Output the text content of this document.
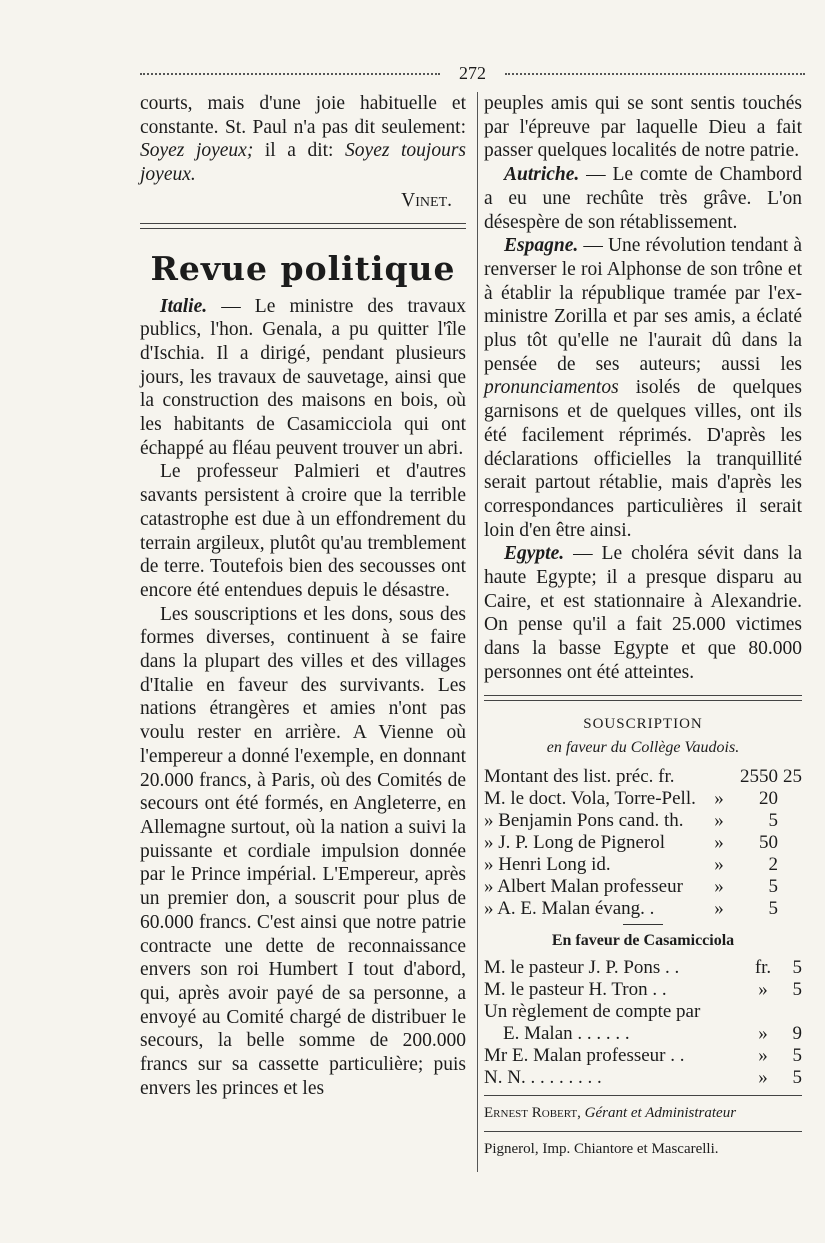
272

courts, mais d'une joie habituelle et constante. St. Paul n'a pas dit seulement: Soyez joyeux; il a dit: Soyez toujours joyeux.

Vinet.

Revue politique

Italie. — Le ministre des travaux publics, l'hon. Genala, a pu quitter l'île d'Ischia. Il a dirigé, pendant plusieurs jours, les travaux de sauvetage, ainsi que la construction des maisons en bois, où les habitants de Casamicciola qui ont échappé au fléau peuvent trouver un abri.

Le professeur Palmieri et d'autres savants persistent à croire que la terrible catastrophe est due à un effondrement du terrain argileux, plutôt qu'au tremblement de terre. Toutefois bien des secousses ont encore été entendues depuis le désastre.

Les souscriptions et les dons, sous des formes diverses, continuent à se faire dans la plupart des villes et des villages d'Italie en faveur des survivants. Les nations étrangères et amies n'ont pas voulu rester en arrière. A Vienne où l'empereur a donné l'exemple, en donnant 20.000 francs, à Paris, où des Comités de secours ont été formés, en Angleterre, en Allemagne surtout, où la nation a suivi la puissante et cordiale impulsion donnée par le Prince impérial. L'Empereur, après un premier don, a souscrit pour plus de 60.000 francs. C'est ainsi que notre patrie contracte une dette de reconnaissance envers son roi Humbert I tout d'abord, qui, après avoir payé de sa personne, a envoyé au Comité chargé de distribuer le secours, la belle somme de 200.000 francs sur sa cassette particulière; puis envers les princes et les

peuples amis qui se sont sentis touchés par l'épreuve par laquelle Dieu a fait passer quelques localités de notre patrie.

Autriche. — Le comte de Chambord a eu une rechûte très grâve. L'on désespère de son rétablissement.

Espagne. — Une révolution tendant à renverser le roi Alphonse de son trône et à établir la république tramée par l'ex-ministre Zorilla et par ses amis, a éclaté plus tôt qu'elle ne l'aurait dû dans la pensée de ses auteurs; aussi les pronunciamentos isolés de quelques garnisons et de quelques villes, ont ils été facilement réprimés. D'après les déclarations officielles la tranquillité serait partout rétablie, mais d'après les correspondances particulières il serait loin d'en être ainsi.

Egypte. — Le choléra sévit dans la haute Egypte; il a presque disparu au Caire, et est stationnaire à Alexandrie. On pense qu'il a fait 25.000 victimes dans la basse Egypte et que 80.000 personnes ont été atteintes.

SOUSCRIPTION
en faveur du Collège Vaudois.
Montant des list. préc. fr.	2550 25
M. le doct. Vola, Torre-Pell. »	20
» Benjamin Pons cand. th.	»	5
» J. P. Long de Pignerol	»	50
» Henri Long id.	»	2
» Albert Malan professeur	»	5
» A. E. Malan évang. .	»	5
En faveur de Casamicciola
M. le pasteur J. P. Pons . .	fr.	5
M. le pasteur H. Tron . .	»	5
Un règlement de compte par
E. Malan . . . . . .	»	9
Mr E. Malan professeur . .	»	5
N. N. . . . . . . . .	»	5
Ernest Robert, Gérant et Administrateur
Pignerol, Imp. Chiantore et Mascarelli.
